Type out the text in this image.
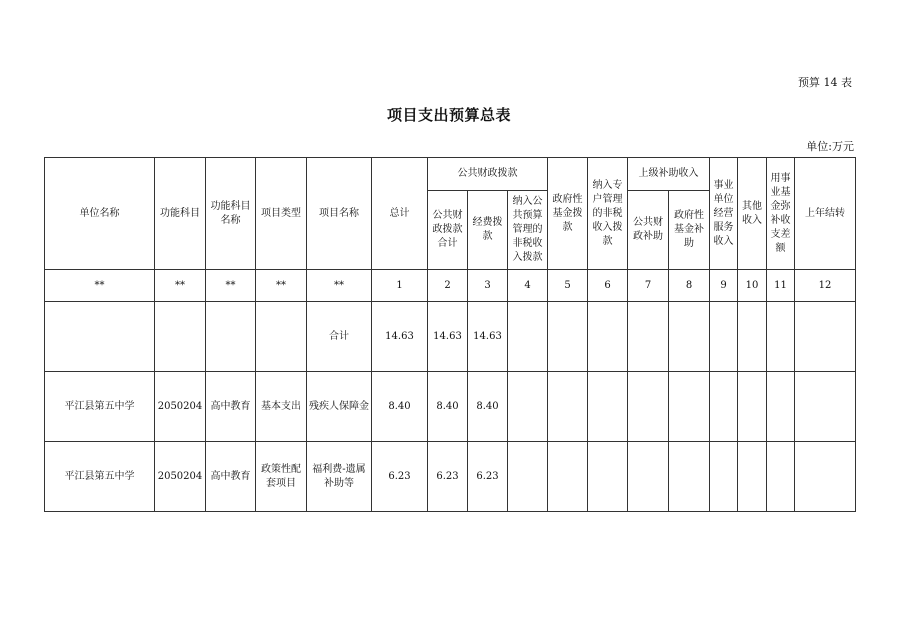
预算 14 表
项目支出预算总表
单位:万元
单位名称	功能科目	功能科目名称	项目类型	项目名称	总计	公共财政拨款			政府性基金拨款	纳入专户管理的非税收入拨款	上级补助收入		事业单位经营服务收入	其他收入	用事业基金弥补收支差额	上年结转
						公共财政拨款合计	经费拨款	纳入公共预算管理的非税收入拨款			公共财政补助	政府性基金补助				
**	**	**	**	**	1	2	3	4	5	6	7	8	9	10	11	12
				合计	14.63	14.63	14.63									
平江县第五中学	2050204	高中教育	基本支出	残疾人保障金	8.40	8.40	8.40									
平江县第五中学	2050204	高中教育	政策性配套项目	福利费-遗属补助等	6.23	6.23	6.23									
